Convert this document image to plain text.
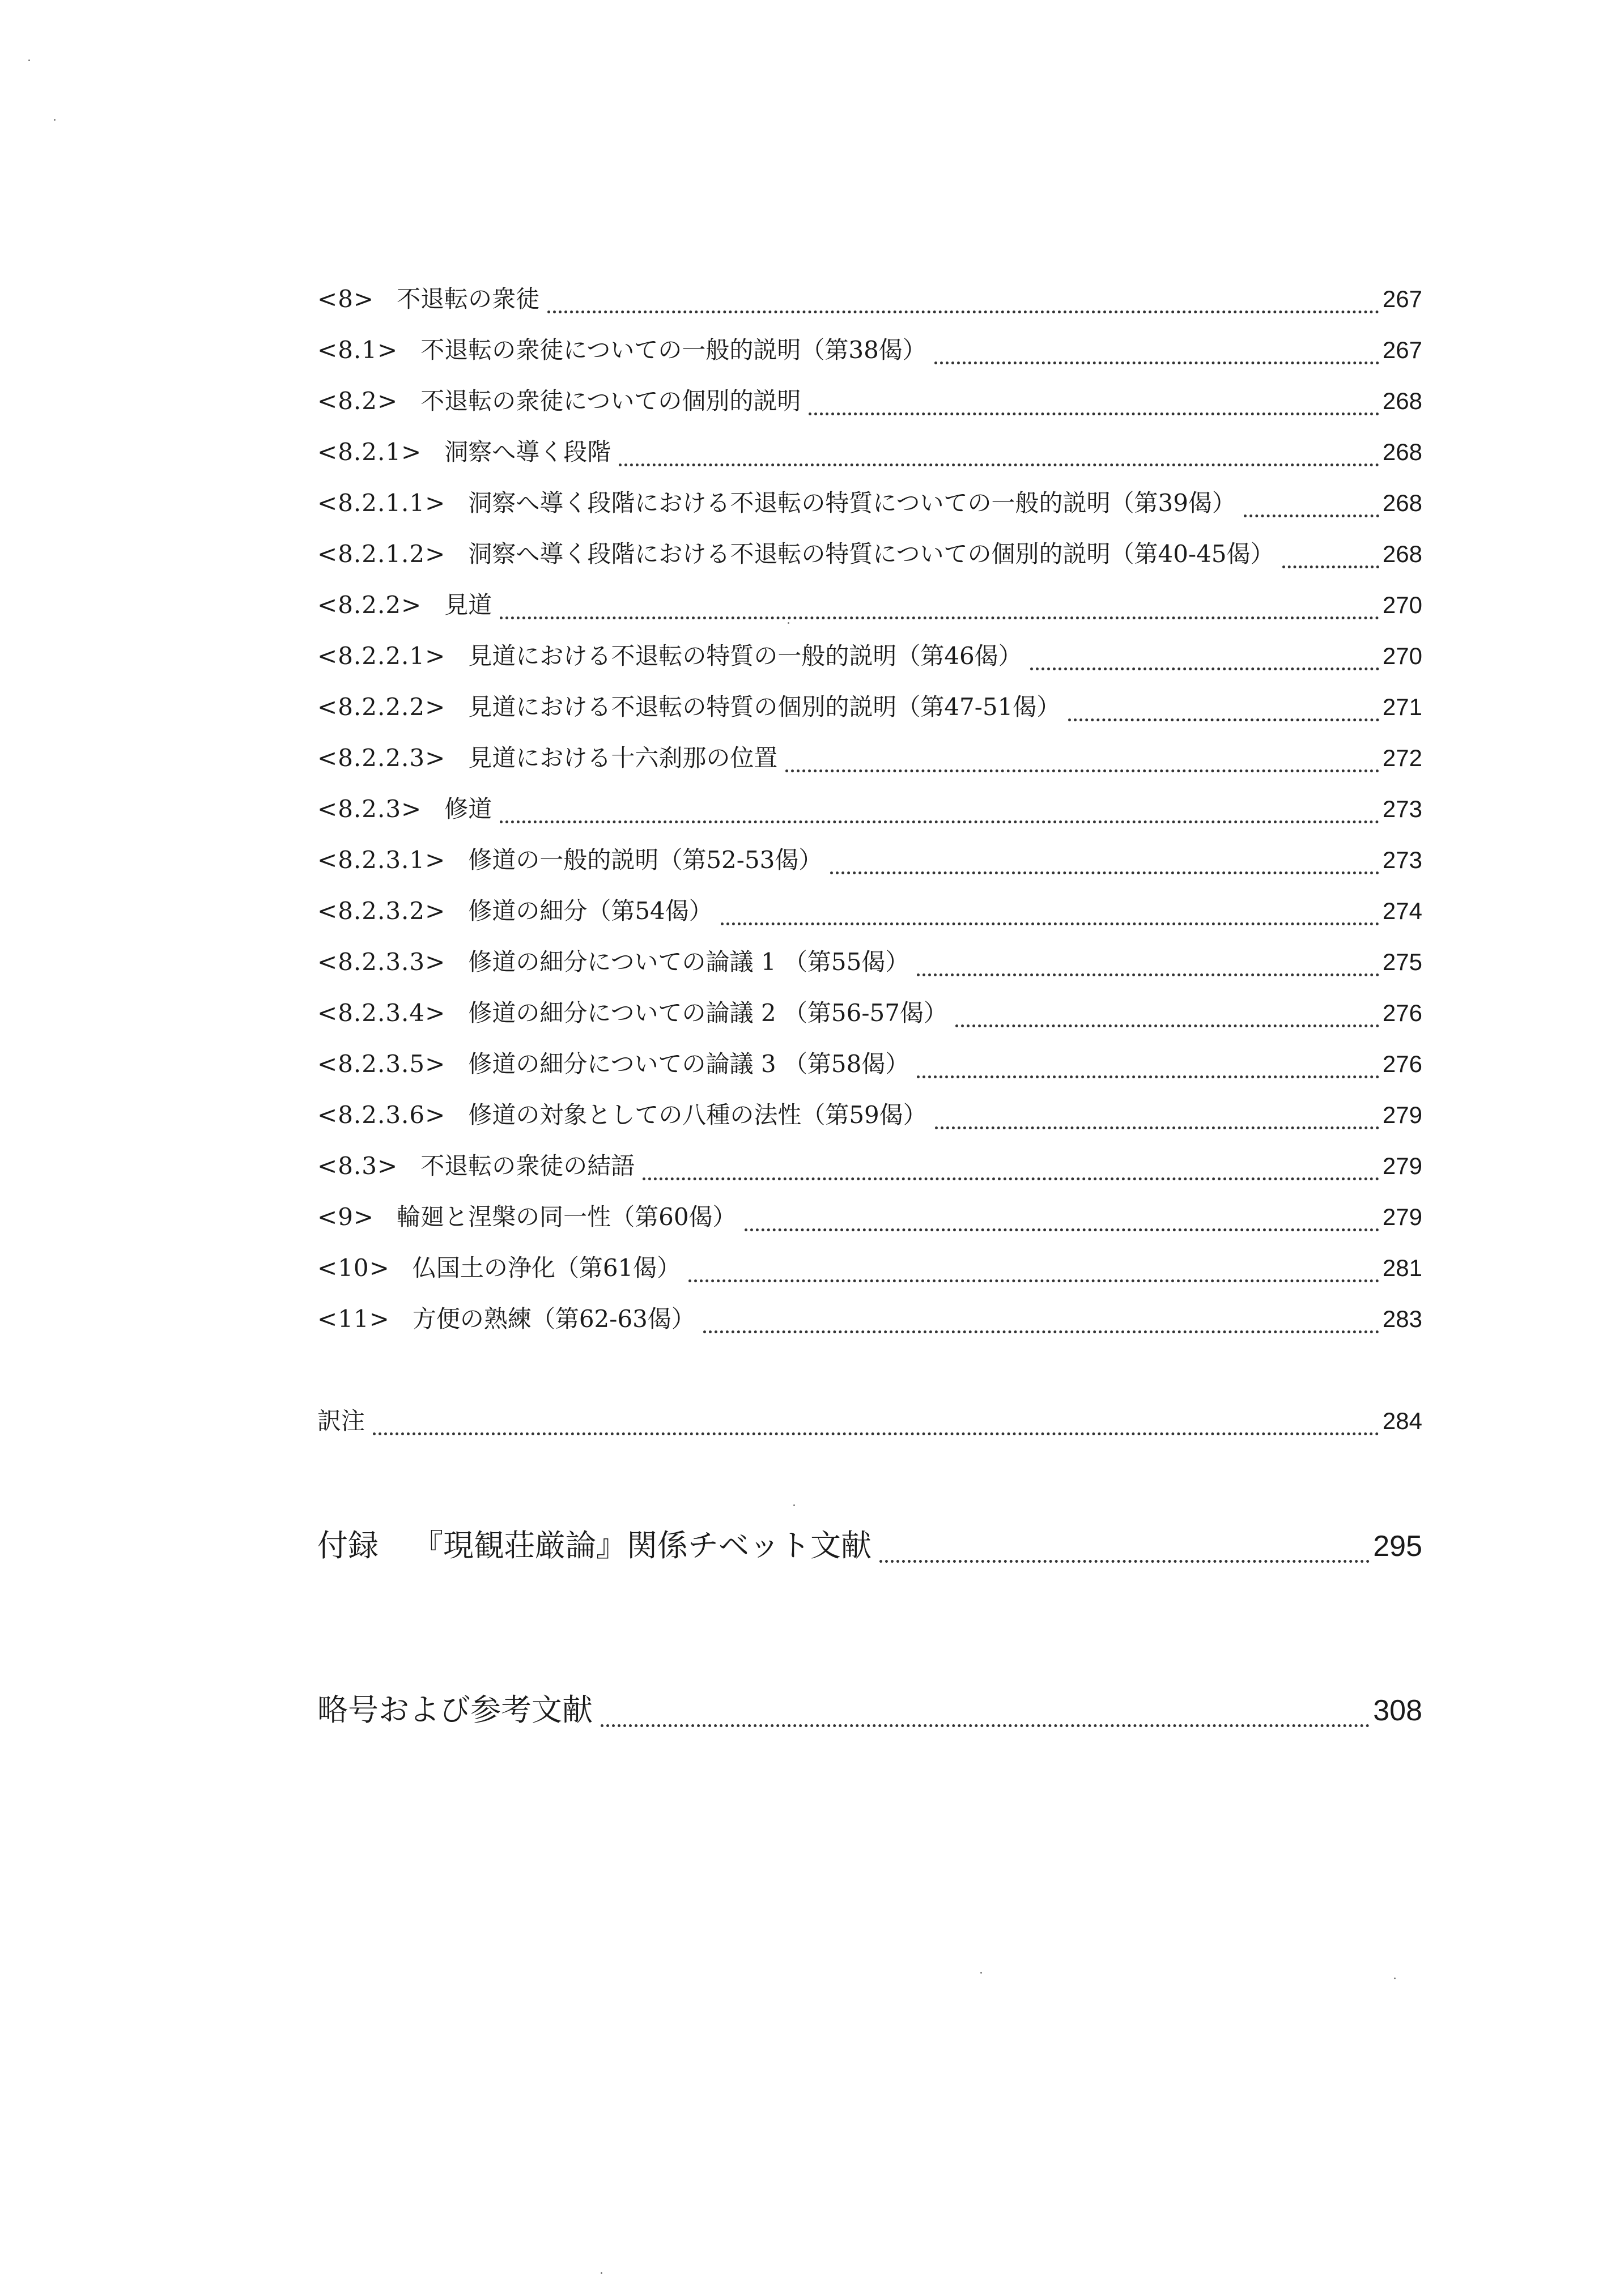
<8> 不退転の衆徒	267
<8.1> 不退転の衆徒についての一般的説明（第38偈）	267
<8.2> 不退転の衆徒についての個別的説明	268
<8.2.1> 洞察へ導く段階	268
<8.2.1.1> 洞察へ導く段階における不退転の特質についての一般的説明（第39偈）	268
<8.2.1.2> 洞察へ導く段階における不退転の特質についての個別的説明（第40-45偈）	268
<8.2.2> 見道	270
<8.2.2.1> 見道における不退転の特質の一般的説明（第46偈）	270
<8.2.2.2> 見道における不退転の特質の個別的説明（第47-51偈）	271
<8.2.2.3> 見道における十六刹那の位置	272
<8.2.3> 修道	273
<8.2.3.1> 修道の一般的説明（第52-53偈）	273
<8.2.3.2> 修道の細分（第54偈）	274
<8.2.3.3> 修道の細分についての論議 1 （第55偈）	275
<8.2.3.4> 修道の細分についての論議 2 （第56-57偈）	276
<8.2.3.5> 修道の細分についての論議 3 （第58偈）	276
<8.2.3.6> 修道の対象としての八種の法性（第59偈）	279
<8.3> 不退転の衆徒の結語	279
<9> 輪廻と涅槃の同一性（第60偈）	279
<10> 仏国土の浄化（第61偈）	281
<11> 方便の熟練（第62-63偈）	283
訳注	284
付録 『現観荘厳論』関係チベット文献	295
略号および参考文献	308
